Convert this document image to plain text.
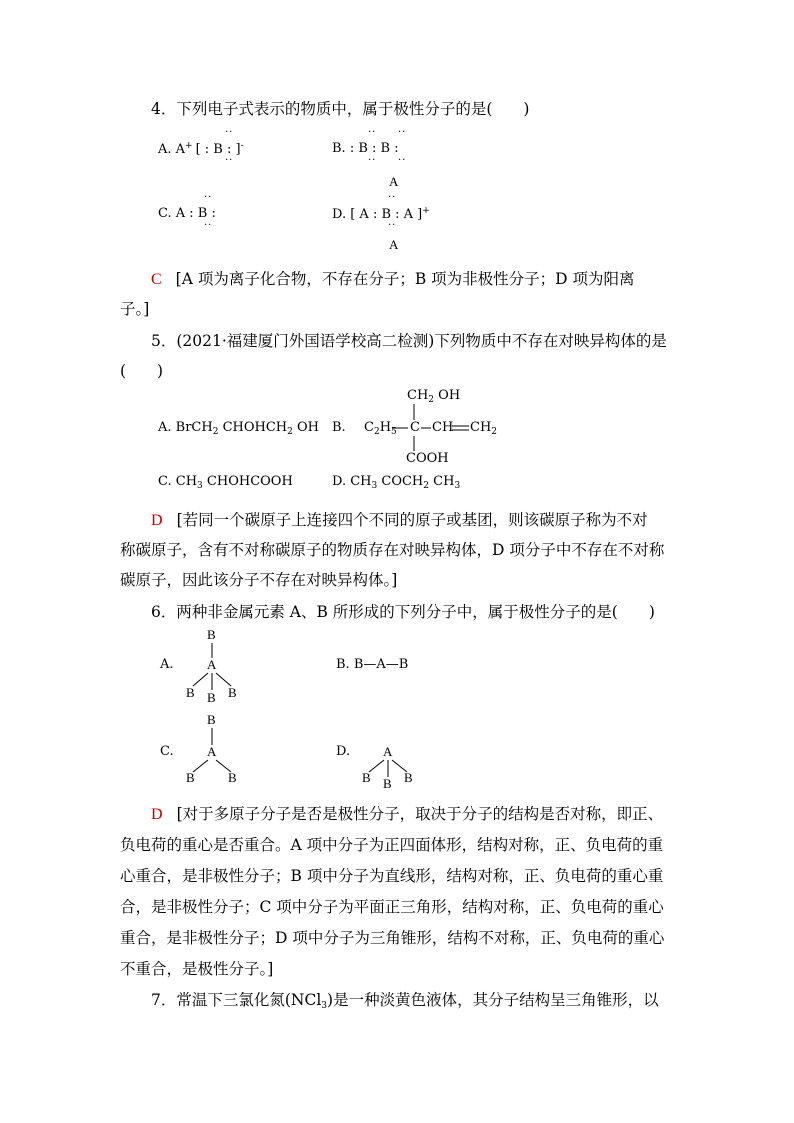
4．下列电子式表示的物质中，属于极性分子的是(　　)
A. A+ [ : B : ]-
··
··
B. : B : B :
·· ··
·· ··
C. A : B :
··
··
D. [ A : B : A ]+
A
··
··
A
C [A 项为离子化合物，不存在分子；B 项为非极性分子；D 项为阳离
子。]
5．(2021·福建厦门外国语学校高二检测)下列物质中不存在对映异构体的是
(　　)
A. BrCH$_2$ $CHOHCH_2$ OH B. $C_2H_5$
$CH_2$ OH
C CH $CH_2$
COOH
C. $CH_3$ CHOHCOOH	D. $CH_3$ $COCH_2$ $CH_3$
D [若同一个碳原子上连接四个不同的原子或基团，则该碳原子称为不对
称碳原子，含有不对称碳原子的物质存在对映异构体，D 项分子中不存在不对称
碳原子，因此该分子不存在对映异构体。]
6．两种非金属元素 A、B 所形成的下列分子中，属于极性分子的是(　　)
A.
B
A
B B B
B. B—A—B
C.
B
A
B	B
D.	A
B B B
D [对于多原子分子是否是极性分子，取决于分子的结构是否对称，即正、
负电荷的重心是否重合。A 项中分子为正四面体形，结构对称，正、负电荷的重
心重合，是非极性分子；B 项中分子为直线形，结构对称，正、负电荷的重心重
合，是非极性分子；C 项中分子为平面正三角形，结构对称，正、负电荷的重心
重合，是非极性分子；D 项中分子为三角锥形，结构不对称，正、负电荷的重心
不重合，是极性分子。]
7．常温下三氯化氮(NCl$_3$)是一种淡黄色液体，其分子结构呈三角锥形，以
